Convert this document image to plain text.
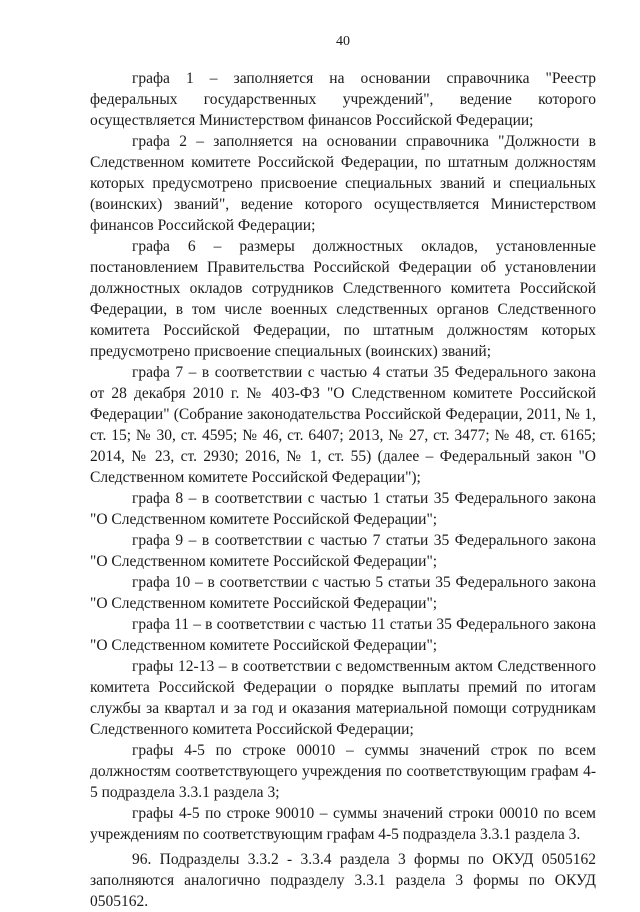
40

графа 1 – заполняется на основании справочника "Реестр федеральных государственных учреждений", ведение которого осуществляется Министерством финансов Российской Федерации;

графа 2 – заполняется на основании справочника "Должности в Следственном комитете Российской Федерации, по штатным должностям которых предусмотрено присвоение специальных званий и специальных (воинских) званий", ведение которого осуществляется Министерством финансов Российской Федерации;

графа 6 – размеры должностных окладов, установленные постановлением Правительства Российской Федерации об установлении должностных окладов сотрудников Следственного комитета Российской Федерации, в том числе военных следственных органов Следственного комитета Российской Федерации, по штатным должностям которых предусмотрено присвоение специальных (воинских) званий;

графа 7 – в соответствии с частью 4 статьи 35 Федерального закона от 28 декабря 2010 г. № 403-ФЗ "О Следственном комитете Российской Федерации" (Собрание законодательства Российской Федерации, 2011, № 1, ст. 15; № 30, ст. 4595; № 46, ст. 6407; 2013, № 27, ст. 3477; № 48, ст. 6165; 2014, № 23, ст. 2930; 2016, № 1, ст. 55) (далее – Федеральный закон "О Следственном комитете Российской Федерации");

графа 8 – в соответствии с частью 1 статьи 35 Федерального закона "О Следственном комитете Российской Федерации";

графа 9 – в соответствии с частью 7 статьи 35 Федерального закона "О Следственном комитете Российской Федерации";

графа 10 – в соответствии с частью 5 статьи 35 Федерального закона "О Следственном комитете Российской Федерации";

графа 11 – в соответствии с частью 11 статьи 35 Федерального закона "О Следственном комитете Российской Федерации";

графы 12-13 – в соответствии с ведомственным актом Следственного комитета Российской Федерации о порядке выплаты премий по итогам службы за квартал и за год и оказания материальной помощи сотрудникам Следственного комитета Российской Федерации;

графы 4-5 по строке 00010 – суммы значений строк по всем должностям соответствующего учреждения по соответствующим графам 4-5 подраздела 3.3.1 раздела 3;

графы 4-5 по строке 90010 – суммы значений строки 00010 по всем учреждениям по соответствующим графам 4-5 подраздела 3.3.1 раздела 3.

96. Подразделы 3.3.2 - 3.3.4 раздела 3 формы по ОКУД 0505162 заполняются аналогично подразделу 3.3.1 раздела 3 формы по ОКУД 0505162.
